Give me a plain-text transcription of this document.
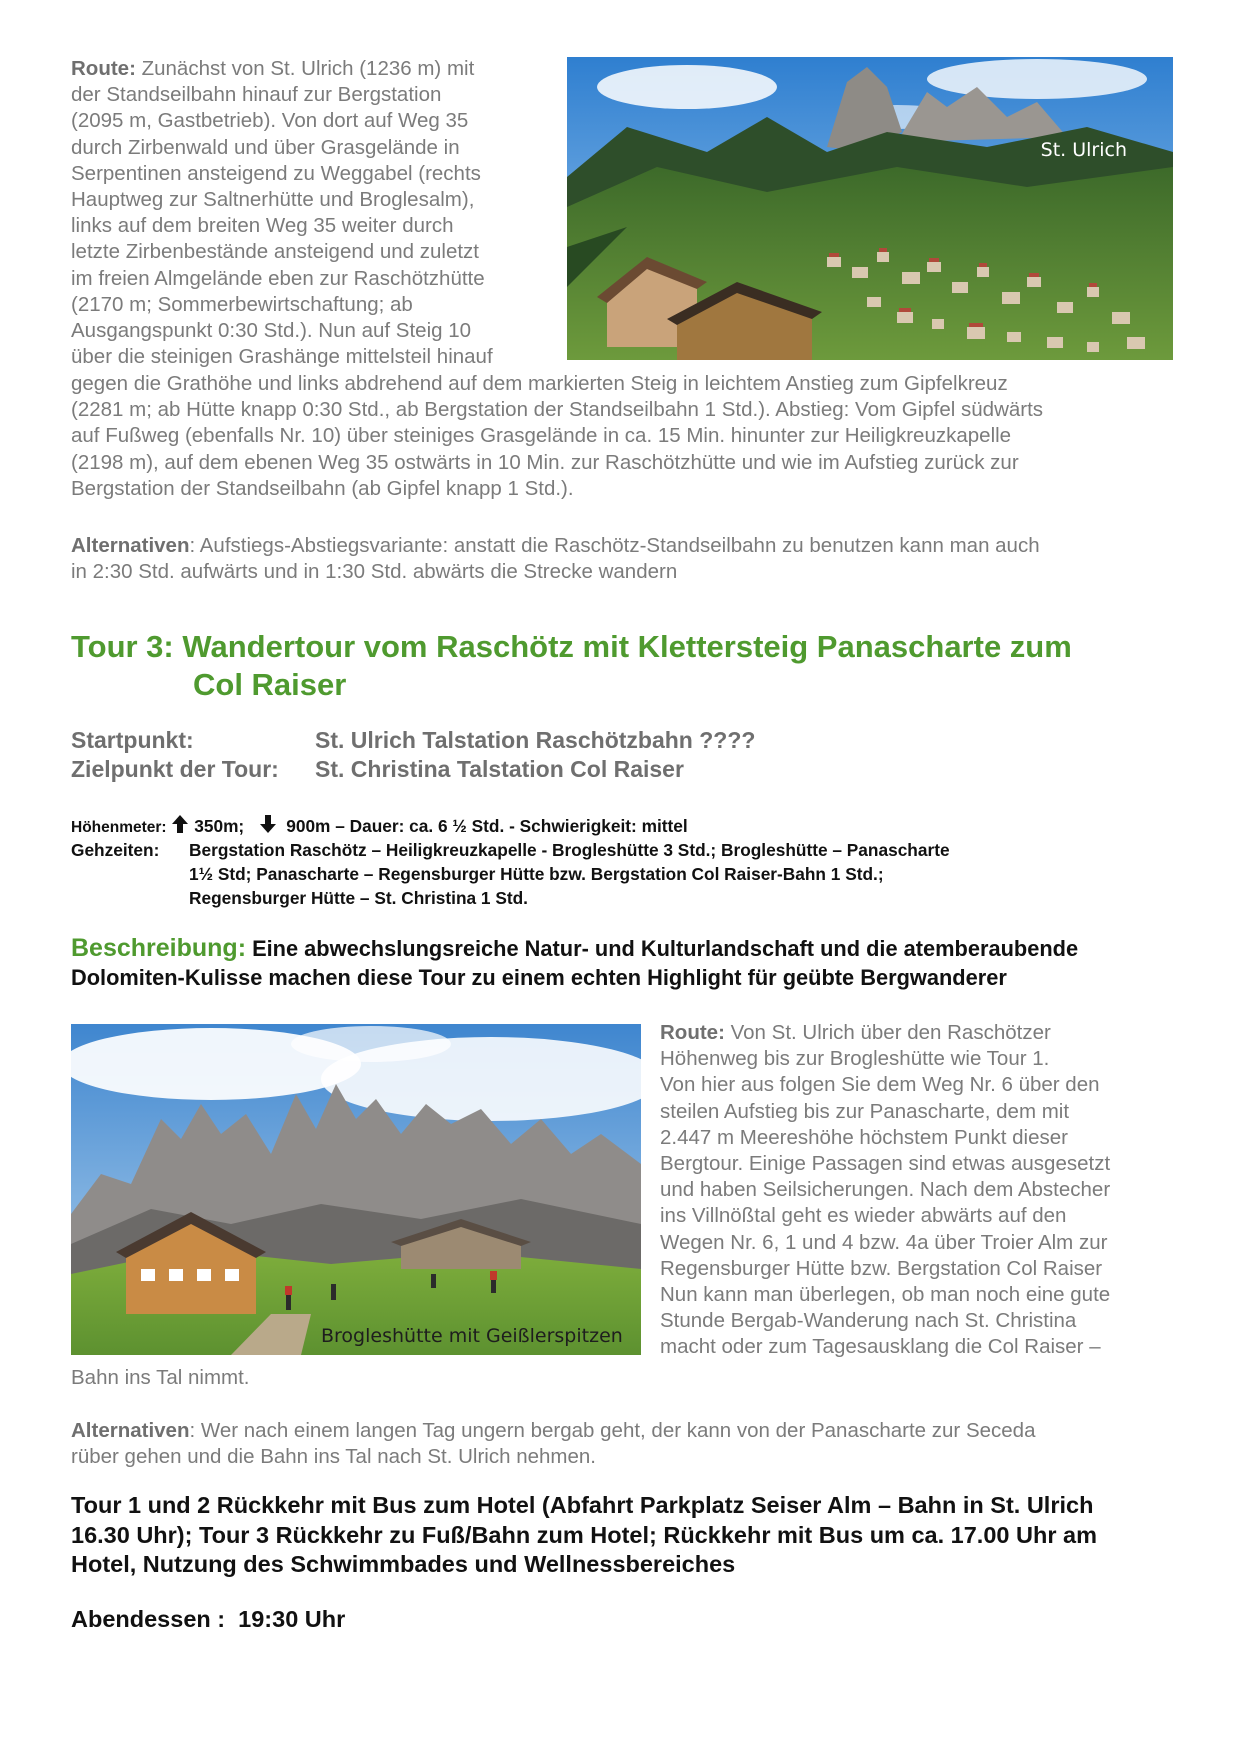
Route: Zunächst von St. Ulrich (1236 m) mit
der Standseilbahn hinauf zur Bergstation
(2095 m, Gastbetrieb). Von dort auf Weg 35
durch Zirbenwald und über Grasgelände in
Serpentinen ansteigend zu Weggabel (rechts
Hauptweg zur Saltnerhütte und Broglesalm),
links auf dem breiten Weg 35 weiter durch
letzte Zirbenbestände ansteigend und zuletzt
im freien Almgelände eben zur Raschötzhütte
(2170 m; Sommerbewirtschaftung; ab
Ausgangspunkt 0:30 Std.). Nun auf Steig 10
über die steinigen Grashänge mittelsteil hinauf
St. Ulrich
gegen die Grathöhe und links abdrehend auf dem markierten Steig in leichtem Anstieg zum Gipfelkreuz
(2281 m; ab Hütte knapp 0:30 Std., ab Bergstation der Standseilbahn 1 Std.). Abstieg: Vom Gipfel südwärts
auf Fußweg (ebenfalls Nr. 10) über steiniges Grasgelände in ca. 15 Min. hinunter zur Heiligkreuzkapelle
(2198 m), auf dem ebenen Weg 35 ostwärts in 10 Min. zur Raschötzhütte und wie im Aufstieg zurück zur
Bergstation der Standseilbahn (ab Gipfel knapp 1 Std.).
Alternativen: Aufstiegs-Abstiegsvariante: anstatt die Raschötz-Standseilbahn zu benutzen kann man auch
in 2:30 Std. aufwärts und in 1:30 Std. abwärts die Strecke wandern
Tour 3: Wandertour vom Raschötz mit Klettersteig Panascharte zum
Col Raiser
Startpunkt:	St. Ulrich Talstation Raschötzbahn ????
Zielpunkt der Tour: St. Christina Talstation Col Raiser
Höhenmeter: 350m; 900m – Dauer: ca. 6 ½ Std. - Schwierigkeit: mittel
Gehzeiten: Bergstation Raschötz – Heiligkreuzkapelle - Brogleshütte 3 Std.; Brogleshütte – Panascharte
1½ Std; Panascharte – Regensburger Hütte bzw. Bergstation Col Raiser-Bahn 1 Std.;
Regensburger Hütte – St. Christina 1 Std.
Beschreibung: Eine abwechslungsreiche Natur- und Kulturlandschaft und die atemberaubende
Dolomiten-Kulisse machen diese Tour zu einem echten Highlight für geübte Bergwanderer
Brogleshütte mit Geißlerspitzen
Route: Von St. Ulrich über den Raschötzer
Höhenweg bis zur Brogleshütte wie Tour 1.
Von hier aus folgen Sie dem Weg Nr. 6 über den
steilen Aufstieg bis zur Panascharte, dem mit
2.447 m Meereshöhe höchstem Punkt dieser
Bergtour. Einige Passagen sind etwas ausgesetzt
und haben Seilsicherungen. Nach dem Abstecher
ins Villnößtal geht es wieder abwärts auf den
Wegen Nr. 6, 1 und 4 bzw. 4a über Troier Alm zur
Regensburger Hütte bzw. Bergstation Col Raiser
Nun kann man überlegen, ob man noch eine gute
Stunde Bergab-Wanderung nach St. Christina
macht oder zum Tagesausklang die Col Raiser –
Bahn ins Tal nimmt.
Alternativen: Wer nach einem langen Tag ungern bergab geht, der kann von der Panascharte zur Seceda
rüber gehen und die Bahn ins Tal nach St. Ulrich nehmen.
Tour 1 und 2 Rückkehr mit Bus zum Hotel (Abfahrt Parkplatz Seiser Alm – Bahn in St. Ulrich
16.30 Uhr); Tour 3 Rückkehr zu Fuß/Bahn zum Hotel; Rückkehr mit Bus um ca. 17.00 Uhr am
Hotel, Nutzung des Schwimmbades und Wellnessbereiches
Abendessen : 19:30 Uhr
